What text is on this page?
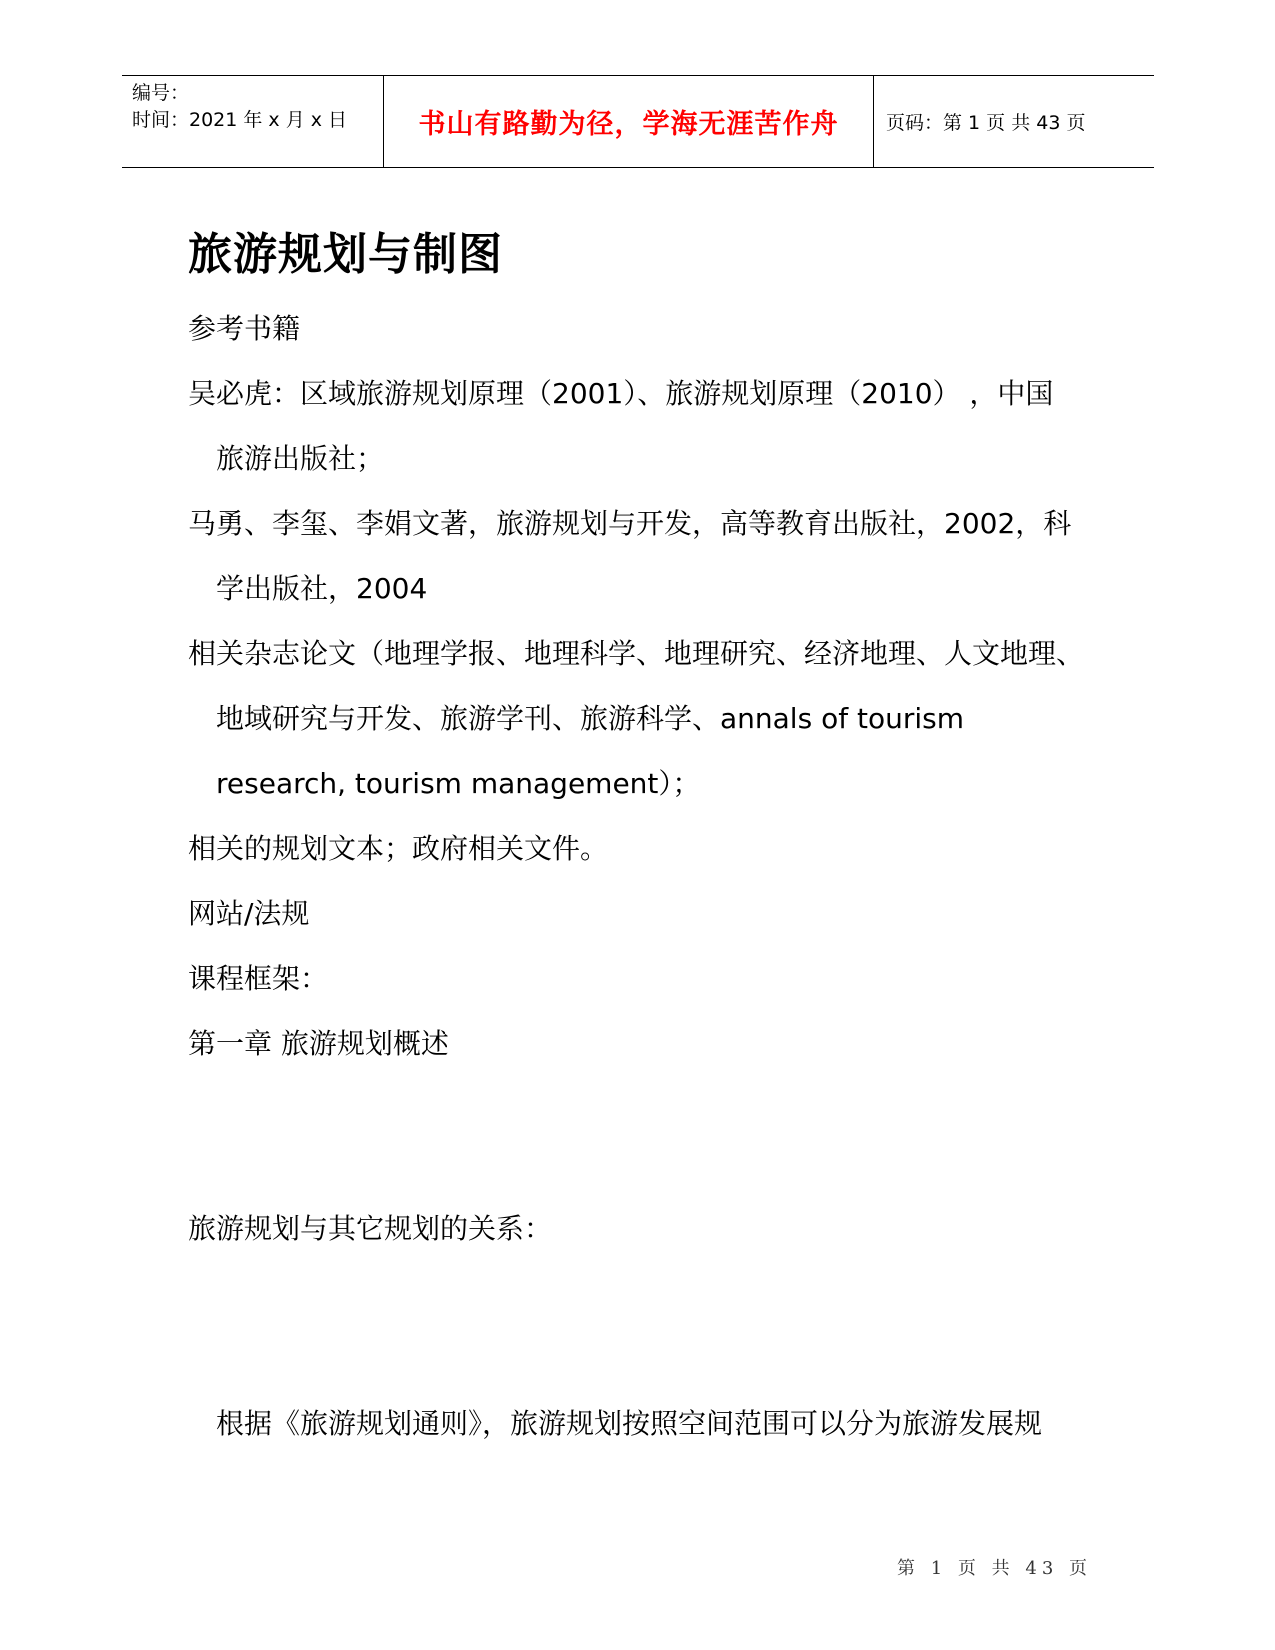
编号：
时间：2021 年 x 月 x 日	书山有路勤为径，学海无涯苦作舟	页码：第 1 页 共 43 页
旅游规划与制图
参考书籍
吴必虎：区域旅游规划原理（2001）、旅游规划原理（2010） ，中国
旅游出版社；
马勇、李玺、李娟文著，旅游规划与开发，高等教育出版社，2002，科
学出版社，2004
相关杂志论文（地理学报、地理科学、地理研究、经济地理、人文地理、
地域研究与开发、旅游学刊、旅游科学、annals of tourism
research, tourism management）；
相关的规划文本；政府相关文件。
网站/法规
课程框架：
第一章 旅游规划概述
旅游规划与其它规划的关系：
根据《旅游规划通则》，旅游规划按照空间范围可以分为旅游发展规
第 1 页 共 43 页
